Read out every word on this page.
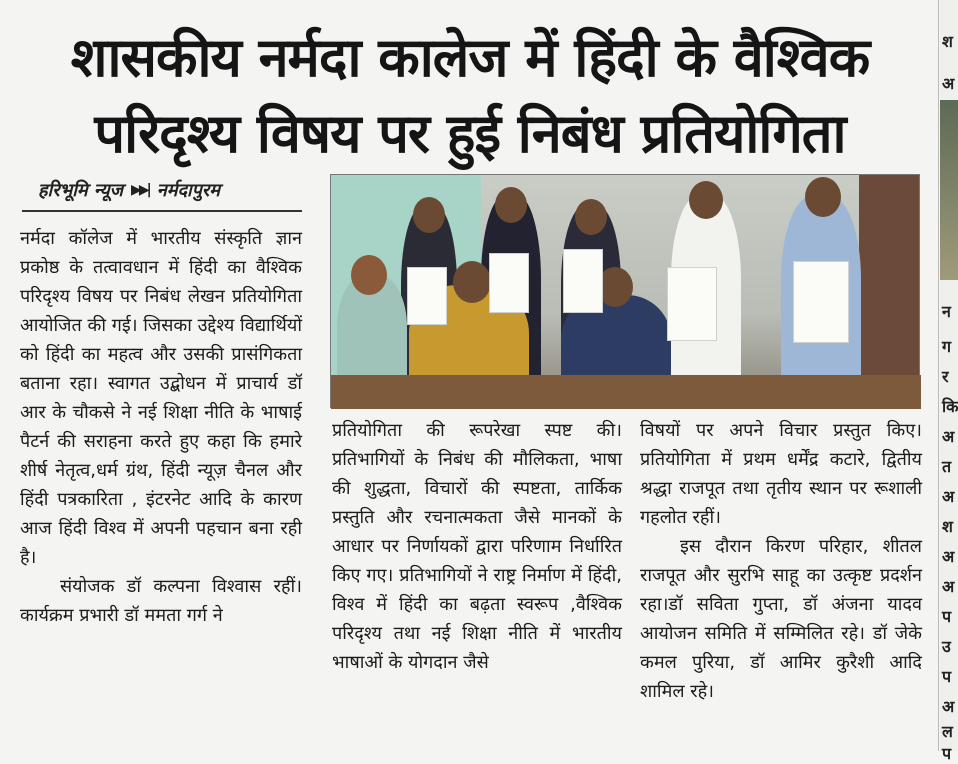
शासकीय नर्मदा कालेज में हिंदी के वैश्विक
परिदृश्य विषय पर हुई निबंध प्रतियोगिता
हरिभूमि न्यूज ▶▶| नर्मदापुरम

नर्मदा कॉलेज में भारतीय संस्कृति ज्ञान प्रकोष्ठ के तत्वावधान में हिंदी का वैश्विक परिदृश्य विषय पर निबंध लेखन प्रतियोगिता आयोजित की गई। जिसका उद्देश्य विद्यार्थियों को हिंदी का महत्व और उसकी प्रासंगिकता बताना रहा। स्वागत उद्बोधन में प्राचार्य डॉ आर के चौकसे ने नई शिक्षा नीति के भाषाई पैटर्न की सराहना करते हुए कहा कि हमारे शीर्ष नेतृत्व,धर्म ग्रंथ, हिंदी न्यूज़ चैनल और हिंदी पत्रकारिता , इंटरनेट आदि के कारण आज हिंदी विश्व में अपनी पहचान बना रही है।

संयोजक डॉ कल्पना विश्वास रहीं।कार्यक्रम प्रभारी डॉ ममता गर्ग ने

प्रतियोगिता की रूपरेखा स्पष्ट की। प्रतिभागियों के निबंध की मौलिकता, भाषा की शुद्धता, विचारों की स्पष्टता, तार्किक प्रस्तुति और रचनात्मकता जैसे मानकों के आधार पर निर्णायकों द्वारा परिणाम निर्धारित किए गए। प्रतिभागियों ने राष्ट्र निर्माण में हिंदी, विश्व में हिंदी का बढ़ता स्वरूप ,वैश्विक परिदृश्य तथा नई शिक्षा नीति में भारतीय भाषाओं के योगदान जैसे

विषयों पर अपने विचार प्रस्तुत किए। प्रतियोगिता में प्रथम धर्मेंद्र कटारे, द्वितीय श्रद्धा राजपूत तथा तृतीय स्थान पर रूशाली गहलोत रहीं।

इस दौरान किरण परिहार, शीतल राजपूत और सुरभि साहू का उत्कृष्ट प्रदर्शन रहा।डॉ सविता गुप्ता, डॉ अंजना यादव आयोजन समिति में सम्मिलित रहे। डॉ जेके कमल पुरिया, डॉ आमिर कुरैशी आदि शामिल रहे।

श
अ
न
ग
र
कि
अ
त
अ
श
अ
अ
प
उ
प
अ
ल
प
